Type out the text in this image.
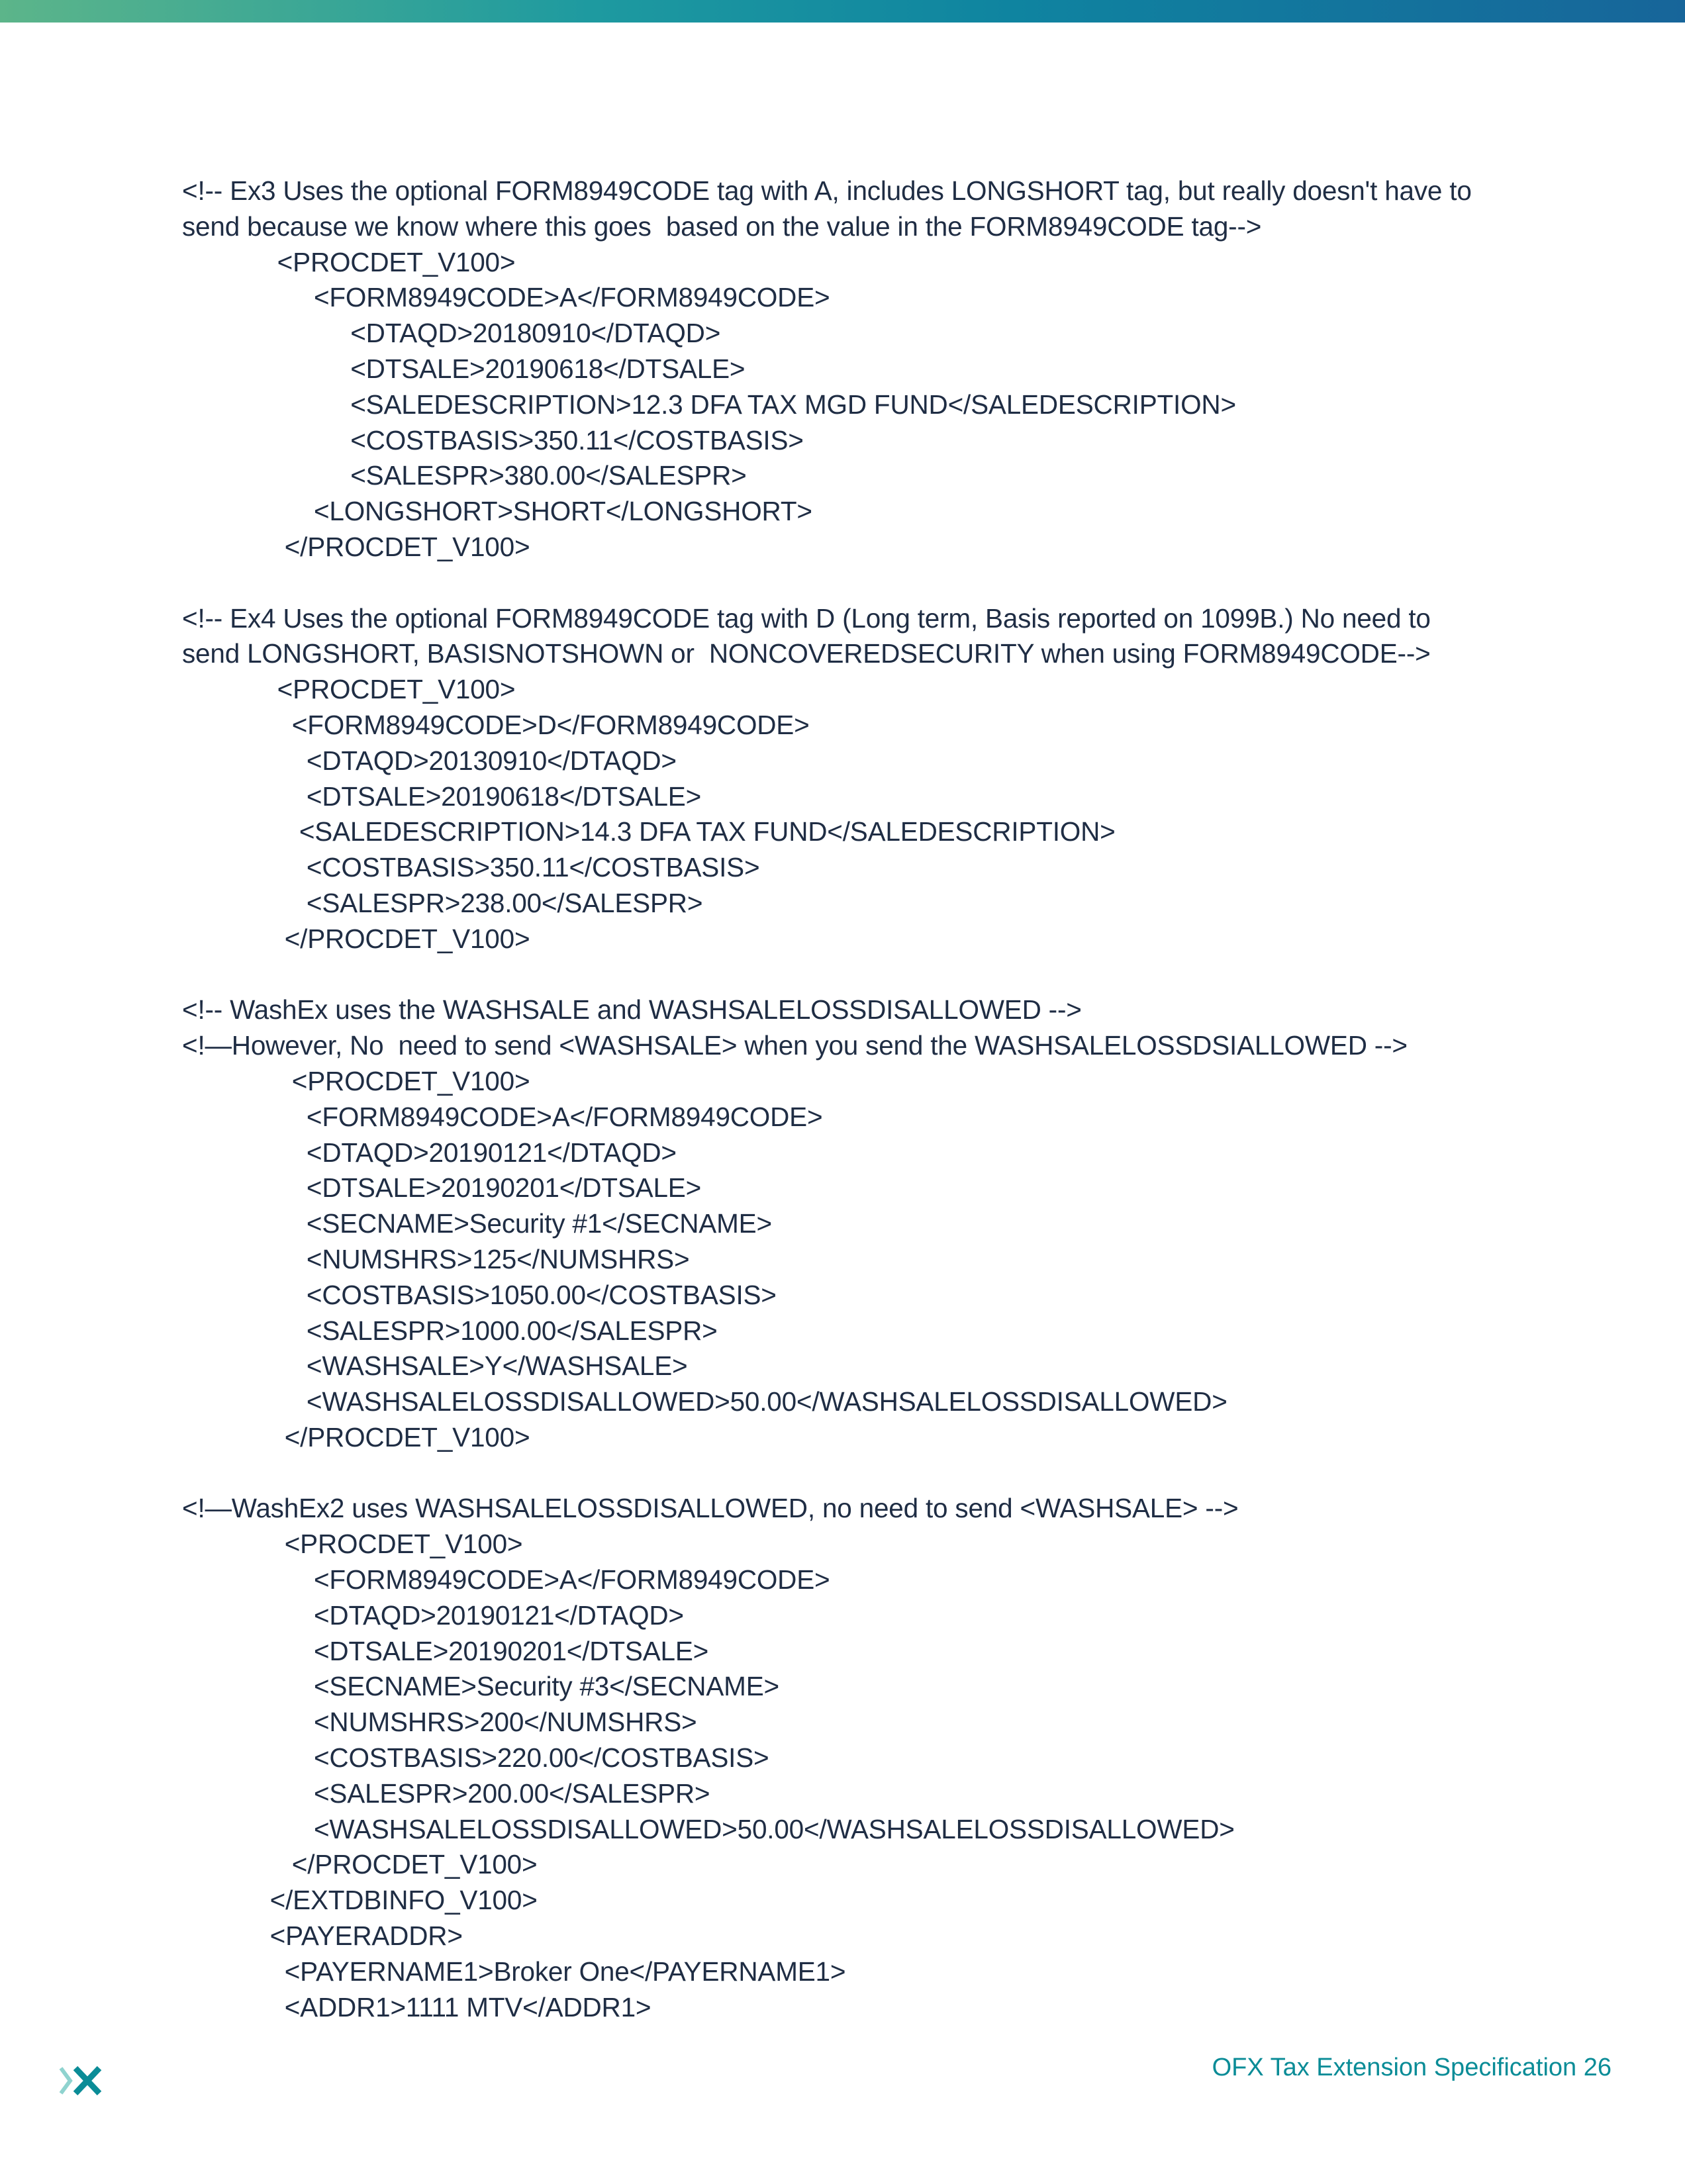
<!-- Ex3 Uses the optional FORM8949CODE tag with A, includes LONGSHORT tag, but really doesn't have to
send because we know where this goes  based on the value in the FORM8949CODE tag-->
<PROCDET_V100>
<FORM8949CODE>A</FORM8949CODE>
<DTAQD>20180910</DTAQD>
<DTSALE>20190618</DTSALE>
<SALEDESCRIPTION>12.3 DFA TAX MGD FUND</SALEDESCRIPTION>
<COSTBASIS>350.11</COSTBASIS>
<SALESPR>380.00</SALESPR>
<LONGSHORT>SHORT</LONGSHORT>
</PROCDET_V100>
<!-- Ex4 Uses the optional FORM8949CODE tag with D (Long term, Basis reported on 1099B.) No need to
send LONGSHORT, BASISNOTSHOWN or  NONCOVEREDSECURITY when using FORM8949CODE-->
<PROCDET_V100>
<FORM8949CODE>D</FORM8949CODE>
<DTAQD>20130910</DTAQD>
<DTSALE>20190618</DTSALE>
<SALEDESCRIPTION>14.3 DFA TAX FUND</SALEDESCRIPTION>
<COSTBASIS>350.11</COSTBASIS>
<SALESPR>238.00</SALESPR>
</PROCDET_V100>
<!-- WashEx uses the WASHSALE and WASHSALELOSSDISALLOWED -->
<!—However, No  need to send <WASHSALE> when you send the WASHSALELOSSDSIALLOWED -->
<PROCDET_V100>
<FORM8949CODE>A</FORM8949CODE>
<DTAQD>20190121</DTAQD>
<DTSALE>20190201</DTSALE>
<SECNAME>Security #1</SECNAME>
<NUMSHRS>125</NUMSHRS>
<COSTBASIS>1050.00</COSTBASIS>
<SALESPR>1000.00</SALESPR>
<WASHSALE>Y</WASHSALE>
<WASHSALELOSSDISALLOWED>50.00</WASHSALELOSSDISALLOWED>
</PROCDET_V100>
<!—WashEx2 uses WASHSALELOSSDISALLOWED, no need to send <WASHSALE> -->
<PROCDET_V100>
<FORM8949CODE>A</FORM8949CODE>
<DTAQD>20190121</DTAQD>
<DTSALE>20190201</DTSALE>
<SECNAME>Security #3</SECNAME>
<NUMSHRS>200</NUMSHRS>
<COSTBASIS>220.00</COSTBASIS>
<SALESPR>200.00</SALESPR>
<WASHSALELOSSDISALLOWED>50.00</WASHSALELOSSDISALLOWED>
</PROCDET_V100>
</EXTDBINFO_V100>
<PAYERADDR>
<PAYERNAME1>Broker One</PAYERNAME1>
<ADDR1>1111 MTV</ADDR1>
OFX Tax Extension Specification 26
